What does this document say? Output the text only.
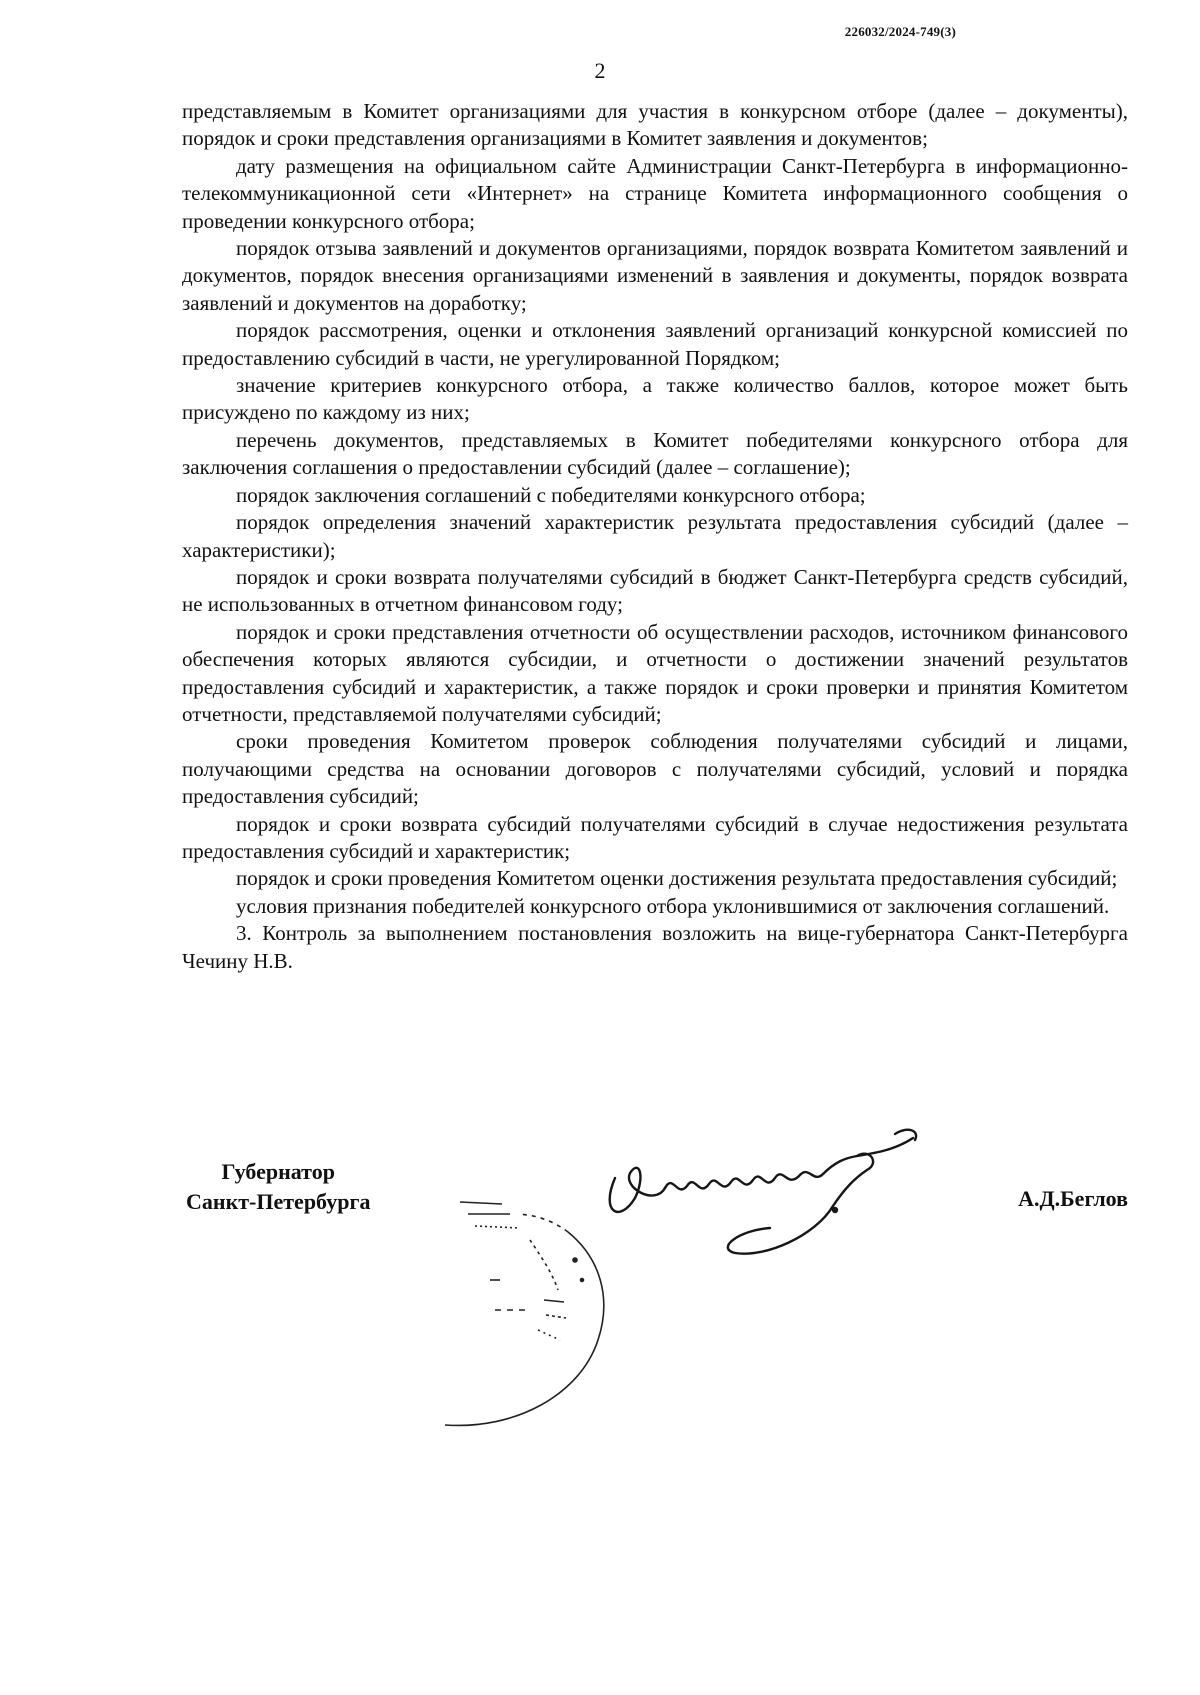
226032/2024-749(3)
2

представляемым в Комитет организациями для участия в конкурсном отборе (далее – документы), порядок и сроки представления организациями в Комитет заявления и документов;

дату размещения на официальном сайте Администрации Санкт-Петербурга в информационно-телекоммуникационной сети «Интернет» на странице Комитета информационного сообщения о проведении конкурсного отбора;

порядок отзыва заявлений и документов организациями, порядок возврата Комитетом заявлений и документов, порядок внесения организациями изменений в заявления и документы, порядок возврата заявлений и документов на доработку;

порядок рассмотрения, оценки и отклонения заявлений организаций конкурсной комиссией по предоставлению субсидий в части, не урегулированной Порядком;

значение критериев конкурсного отбора, а также количество баллов, которое может быть присуждено по каждому из них;

перечень документов, представляемых в Комитет победителями конкурсного отбора для заключения соглашения о предоставлении субсидий (далее – соглашение);

порядок заключения соглашений с победителями конкурсного отбора;

порядок определения значений характеристик результата предоставления субсидий (далее – характеристики);

порядок и сроки возврата получателями субсидий в бюджет Санкт-Петербурга средств субсидий, не использованных в отчетном финансовом году;

порядок и сроки представления отчетности об осуществлении расходов, источником финансового обеспечения которых являются субсидии, и отчетности о достижении значений результатов предоставления субсидий и характеристик, а также порядок и сроки проверки и принятия Комитетом отчетности, представляемой получателями субсидий;

сроки проведения Комитетом проверок соблюдения получателями субсидий и лицами, получающими средства на основании договоров с получателями субсидий, условий и порядка предоставления субсидий;

порядок и сроки возврата субсидий получателями субсидий в случае недостижения результата предоставления субсидий и характеристик;

порядок и сроки проведения Комитетом оценки достижения результата предоставления субсидий;

условия признания победителей конкурсного отбора уклонившимися от заключения соглашений.

3. Контроль за выполнением постановления возложить на вице-губернатора Санкт-Петербурга Чечину Н.В.

Губернатор
Санкт-Петербурга	А.Д.Беглов
